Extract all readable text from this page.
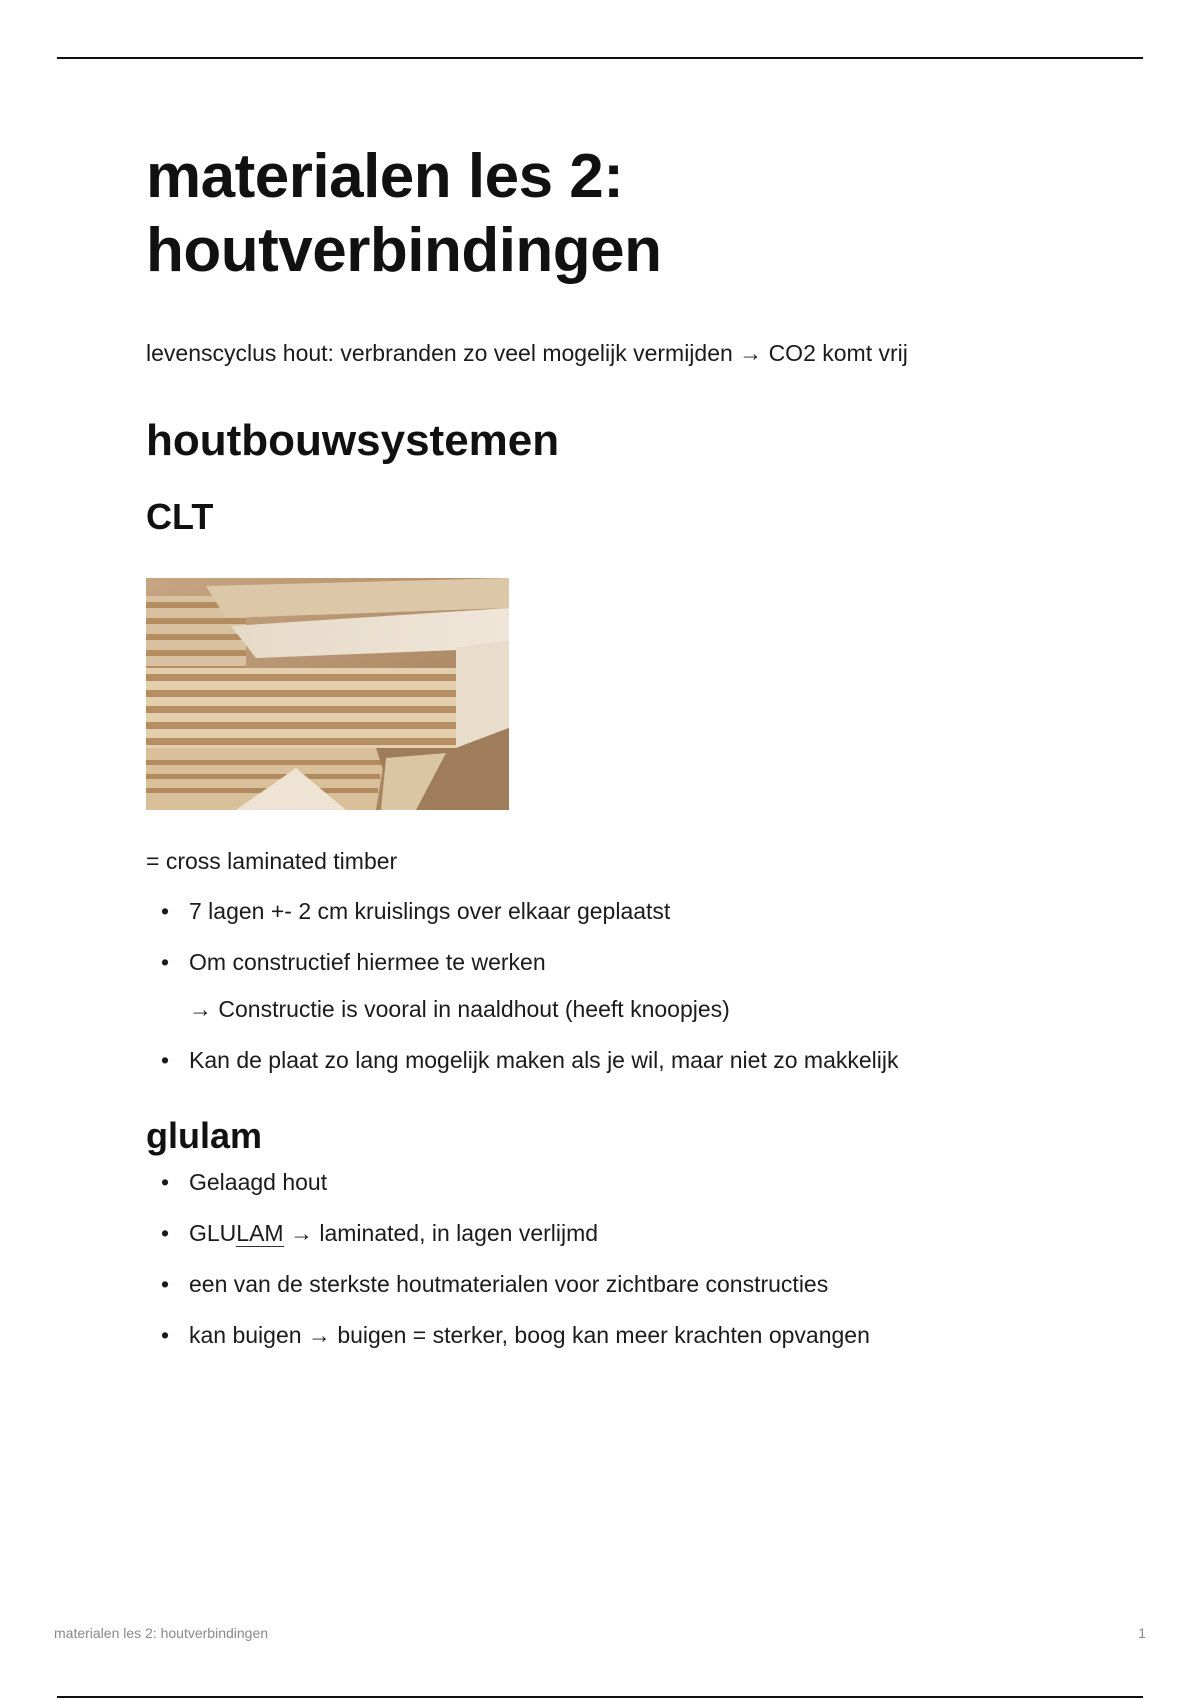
materialen les 2:
houtverbindingen

levenscyclus hout: verbranden zo veel mogelijk vermijden → CO2 komt vrij

houtbouwsystemen
CLT

= cross laminated timber

• 7 lagen +- 2 cm kruislings over elkaar geplaatst
• Om constructief hiermee te werken
→ Constructie is vooral in naaldhout (heeft knoopjes)
• Kan de plaat zo lang mogelijk maken als je wil, maar niet zo makkelijk
glulam
• Gelaagd hout
• GLULAM → laminated, in lagen verlijmd
• een van de sterkste houtmaterialen voor zichtbare constructies
• kan buigen → buigen = sterker, boog kan meer krachten opvangen
materialen les 2: houtverbindingen	1
